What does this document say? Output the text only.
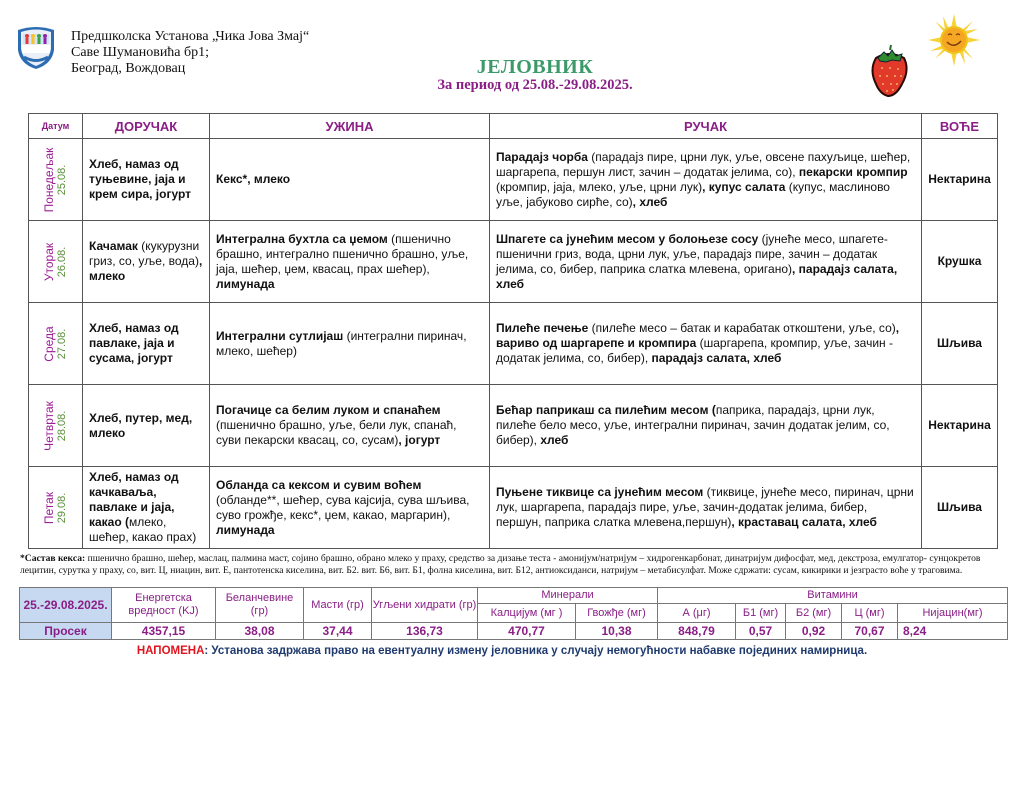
Предшколска Установа „Чика Јова Змај“
Саве Шумановића бр1;
Београд, Вождовац	ЈЕЛОВНИК
За период од 25.08.-29.08.2025.
Датум	ДОРУЧАК	УЖИНА	РУЧАК	ВОЋЕ

Понедељак 25.08.	Хлеб, намаз од туњевине, јаја и крем сира, јогурт	Кекс*, млеко	Парадајз чорба (парадајз пире, црни лук, уље, овсене пахуљице, шећер, шаргарепа, першун лист, зачин – додатак јелима, со), пекарски кромпир (кромпир, јаја, млеко, уље, црни лук), купус салата (купус, маслиново уље, јабуково сирће, со), хлеб	Нектарина

Уторак 26.08.	Качамак (кукурузни гриз, со, уље, вода), млеко	Интегрална бухтла са џемом (пшенично брашно, интегрално пшенично брашно, уље, јаја, шећер, џем, квасац, прах шећер), лимунада	Шпагете са јунећим месом у болоњезе сосу (јунеће месо, шпагете- пшенични гриз, вода, црни лук, уље, парадајз пире, зачин – додатак јелима, со, бибер, паприка слатка млевена, оригано), парадајз салата, хлеб	Крушка

Среда 27.08.	Хлеб, намаз од павлаке, јаја и сусама, јогурт	Интегрални сутлијаш (интегрални пиринач, млеко, шећер)	Пилеће печење (пилеће месо – батак и карабатак откоштени, уље, со), вариво од шаргарепе и кромпира (шаргарепа, кромпир, уље, зачин - додатак јелима, со, бибер), парадајз салата, хлеб	Шљива

Четвртак 28.08.	Хлеб, путер, мед, млеко	Погачице са белим луком и спанаћем (пшенично брашно, уље, бели лук, спанаћ, суви пекарски квасац, со, сусам), јогурт	Бећар паприкаш са пилећим месом (паприка, парадајз, црни лук, пилеће бело месо, уље, интегрални пиринач, зачин додатак јелим, со, бибер), хлеб	Нектарина

Петак 29.08.	Хлеб, намаз од качкаваља, павлаке и јаја, какао (млеко, шећер, какао прах)	Обланда са кексом и сувим воћем (обланде**, шећер, сува кајсија, сува шљива, суво грожђе, кекс*, џем, какао, маргарин), лимунада	Пуњене тиквице са јунећим месом (тиквице, јунеће месо, пиринач, црни лук, шаргарепа, парадајз пире, уље, зачин-додатак јелима, бибер, першун, паприка слатка млевена,першун), краставац салата, хлеб	Шљива
*Састав кекса: пшенично брашно, шећер, маслац, палмина маст, сојино брашно, обрано млеко у праху, средство за дизање теста - амонијум/натријум – хидрогенкарбонат, динатријум дифосфат, мед, декстроза, емулгатор- сунцокретов лецитин, сурутка у праху, со, вит. Ц, ниацин, вит. Е, пантотенска киселина, вит. Б2. вит. Б6, вит. Б1, фолна киселина, вит. Б12, антиоксиданси, натријум – метабисулфат. Може сдржати: сусам, кикирики и језграсто воће у траговима.
25.-29.08.2025.	Енергетска вредност (KJ)	Беланчевине (гр)	Масти (гр)	Угљени хидрати (гр)	Минерали		Витамини				
					Калцијум (мг )	Гвожђе (мг)	А (μг)	Б1 (мг)	Б2 (мг)	Ц (мг)	Нијацин(мг)
Просек	4357,15	38,08	37,44	136,73	470,77	10,38	848,79	0,57	0,92	70,67	8,24
НАПОМЕНА: Установа задржава право на евентуалну измену јеловника у случају немогућности набавке појединих намирница.
